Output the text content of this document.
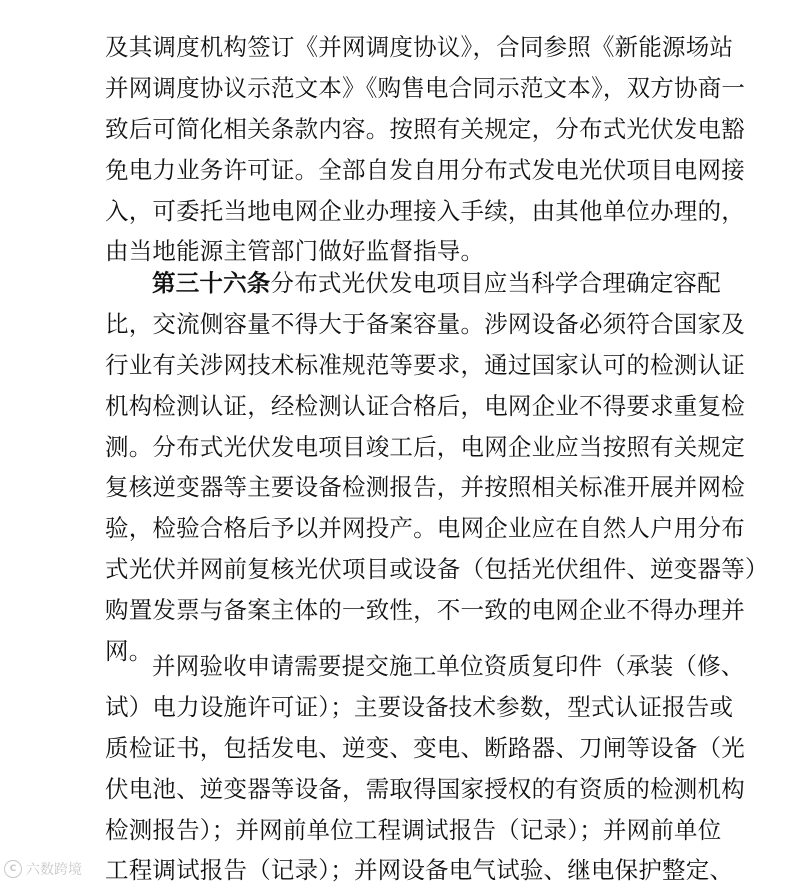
及其调度机构签订《并网调度协议》，合同参照《新能源场站
并网调度协议示范文本》《购售电合同示范文本》，双方协商一
致后可简化相关条款内容。按照有关规定，分布式光伏发电豁
免电力业务许可证。全部自发自用分布式发电光伏项目电网接
入，可委托当地电网企业办理接入手续，由其他单位办理的，
由当地能源主管部门做好监督指导。
第三十六条分布式光伏发电项目应当科学合理确定容配
比，交流侧容量不得大于备案容量。涉网设备必须符合国家及
行业有关涉网技术标准规范等要求，通过国家认可的检测认证
机构检测认证，经检测认证合格后，电网企业不得要求重复检
测。分布式光伏发电项目竣工后，电网企业应当按照有关规定
复核逆变器等主要设备检测报告，并按照相关标准开展并网检
验，检验合格后予以并网投产。电网企业应在自然人户用分布
式光伏并网前复核光伏项目或设备（包括光伏组件、逆变器等）
购置发票与备案主体的一致性，不一致的电网企业不得办理并
网。
并网验收申请需要提交施工单位资质复印件（承装（修、
试）电力设施许可证）；主要设备技术参数，型式认证报告或
质检证书，包括发电、逆变、变电、断路器、刀闸等设备（光
伏电池、逆变器等设备，需取得国家授权的有资质的检测机构
检测报告）；并网前单位工程调试报告（记录）；并网前单位
工程调试报告（记录）；并网设备电气试验、继电保护整定、
C 六数跨境
